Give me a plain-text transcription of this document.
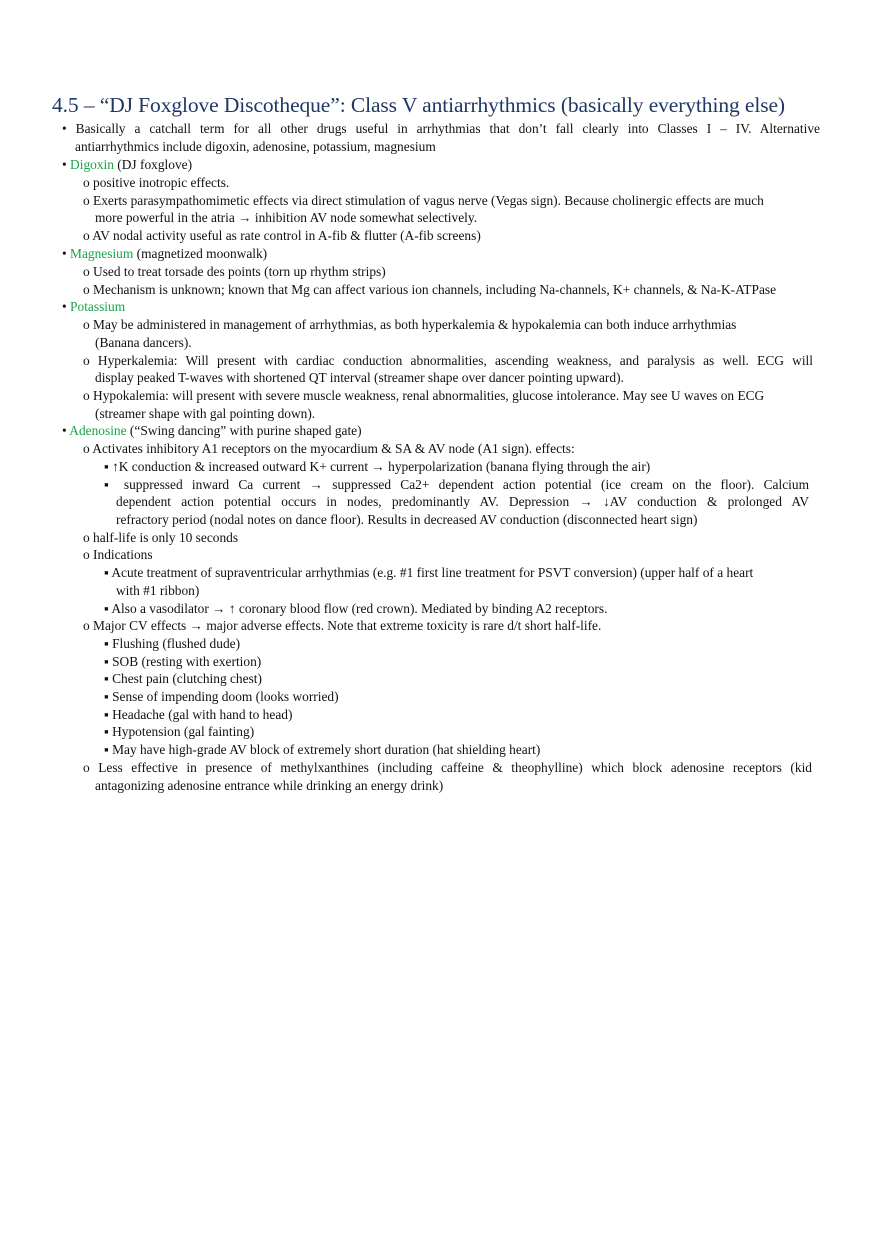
4.5 – “DJ Foxglove Discotheque”: Class V antiarrhythmics (basically everything else)
• Basically a catchall term for all other drugs useful in arrhythmias that don’t fall clearly into Classes I – IV. Alternative
antiarrhythmics include digoxin, adenosine, potassium, magnesium
• Digoxin (DJ foxglove)
o positive inotropic effects.
o Exerts parasympathomimetic effects via direct stimulation of vagus nerve (Vegas sign). Because cholinergic effects are much
more powerful in the atria → inhibition AV node somewhat selectively.
o AV nodal activity useful as rate control in A-fib & flutter (A-fib screens)
• Magnesium (magnetized moonwalk)
o Used to treat torsade des points (torn up rhythm strips)
o Mechanism is unknown; known that Mg can affect various ion channels, including Na-channels, K+ channels, & Na-K-ATPase
• Potassium
o May be administered in management of arrhythmias, as both hyperkalemia & hypokalemia can both induce arrhythmias
(Banana dancers).
o Hyperkalemia: Will present with cardiac conduction abnormalities, ascending weakness, and paralysis as well. ECG will
display peaked T-waves with shortened QT interval (streamer shape over dancer pointing upward).
o Hypokalemia: will present with severe muscle weakness, renal abnormalities, glucose intolerance. May see U waves on ECG
(streamer shape with gal pointing down).
• Adenosine (“Swing dancing” with purine shaped gate)
o Activates inhibitory A1 receptors on the myocardium & SA & AV node (A1 sign). effects:
▪ ↑K conduction & increased outward K+ current → hyperpolarization (banana flying through the air)
▪ suppressed inward Ca current → suppressed Ca2+ dependent action potential (ice cream on the floor). Calcium
dependent action potential occurs in nodes, predominantly AV. Depression → ↓AV conduction & prolonged AV
refractory period (nodal notes on dance floor). Results in decreased AV conduction (disconnected heart sign)
o half-life is only 10 seconds
o Indications
▪ Acute treatment of supraventricular arrhythmias (e.g. #1 first line treatment for PSVT conversion) (upper half of a heart
with #1 ribbon)
▪ Also a vasodilator → ↑ coronary blood flow (red crown). Mediated by binding A2 receptors.
o Major CV effects → major adverse effects. Note that extreme toxicity is rare d/t short half-life.
▪ Flushing (flushed dude)
▪ SOB (resting with exertion)
▪ Chest pain (clutching chest)
▪ Sense of impending doom (looks worried)
▪ Headache (gal with hand to head)
▪ Hypotension (gal fainting)
▪ May have high-grade AV block of extremely short duration (hat shielding heart)
o Less effective in presence of methylxanthines (including caffeine & theophylline) which block adenosine receptors (kid
antagonizing adenosine entrance while drinking an energy drink)
